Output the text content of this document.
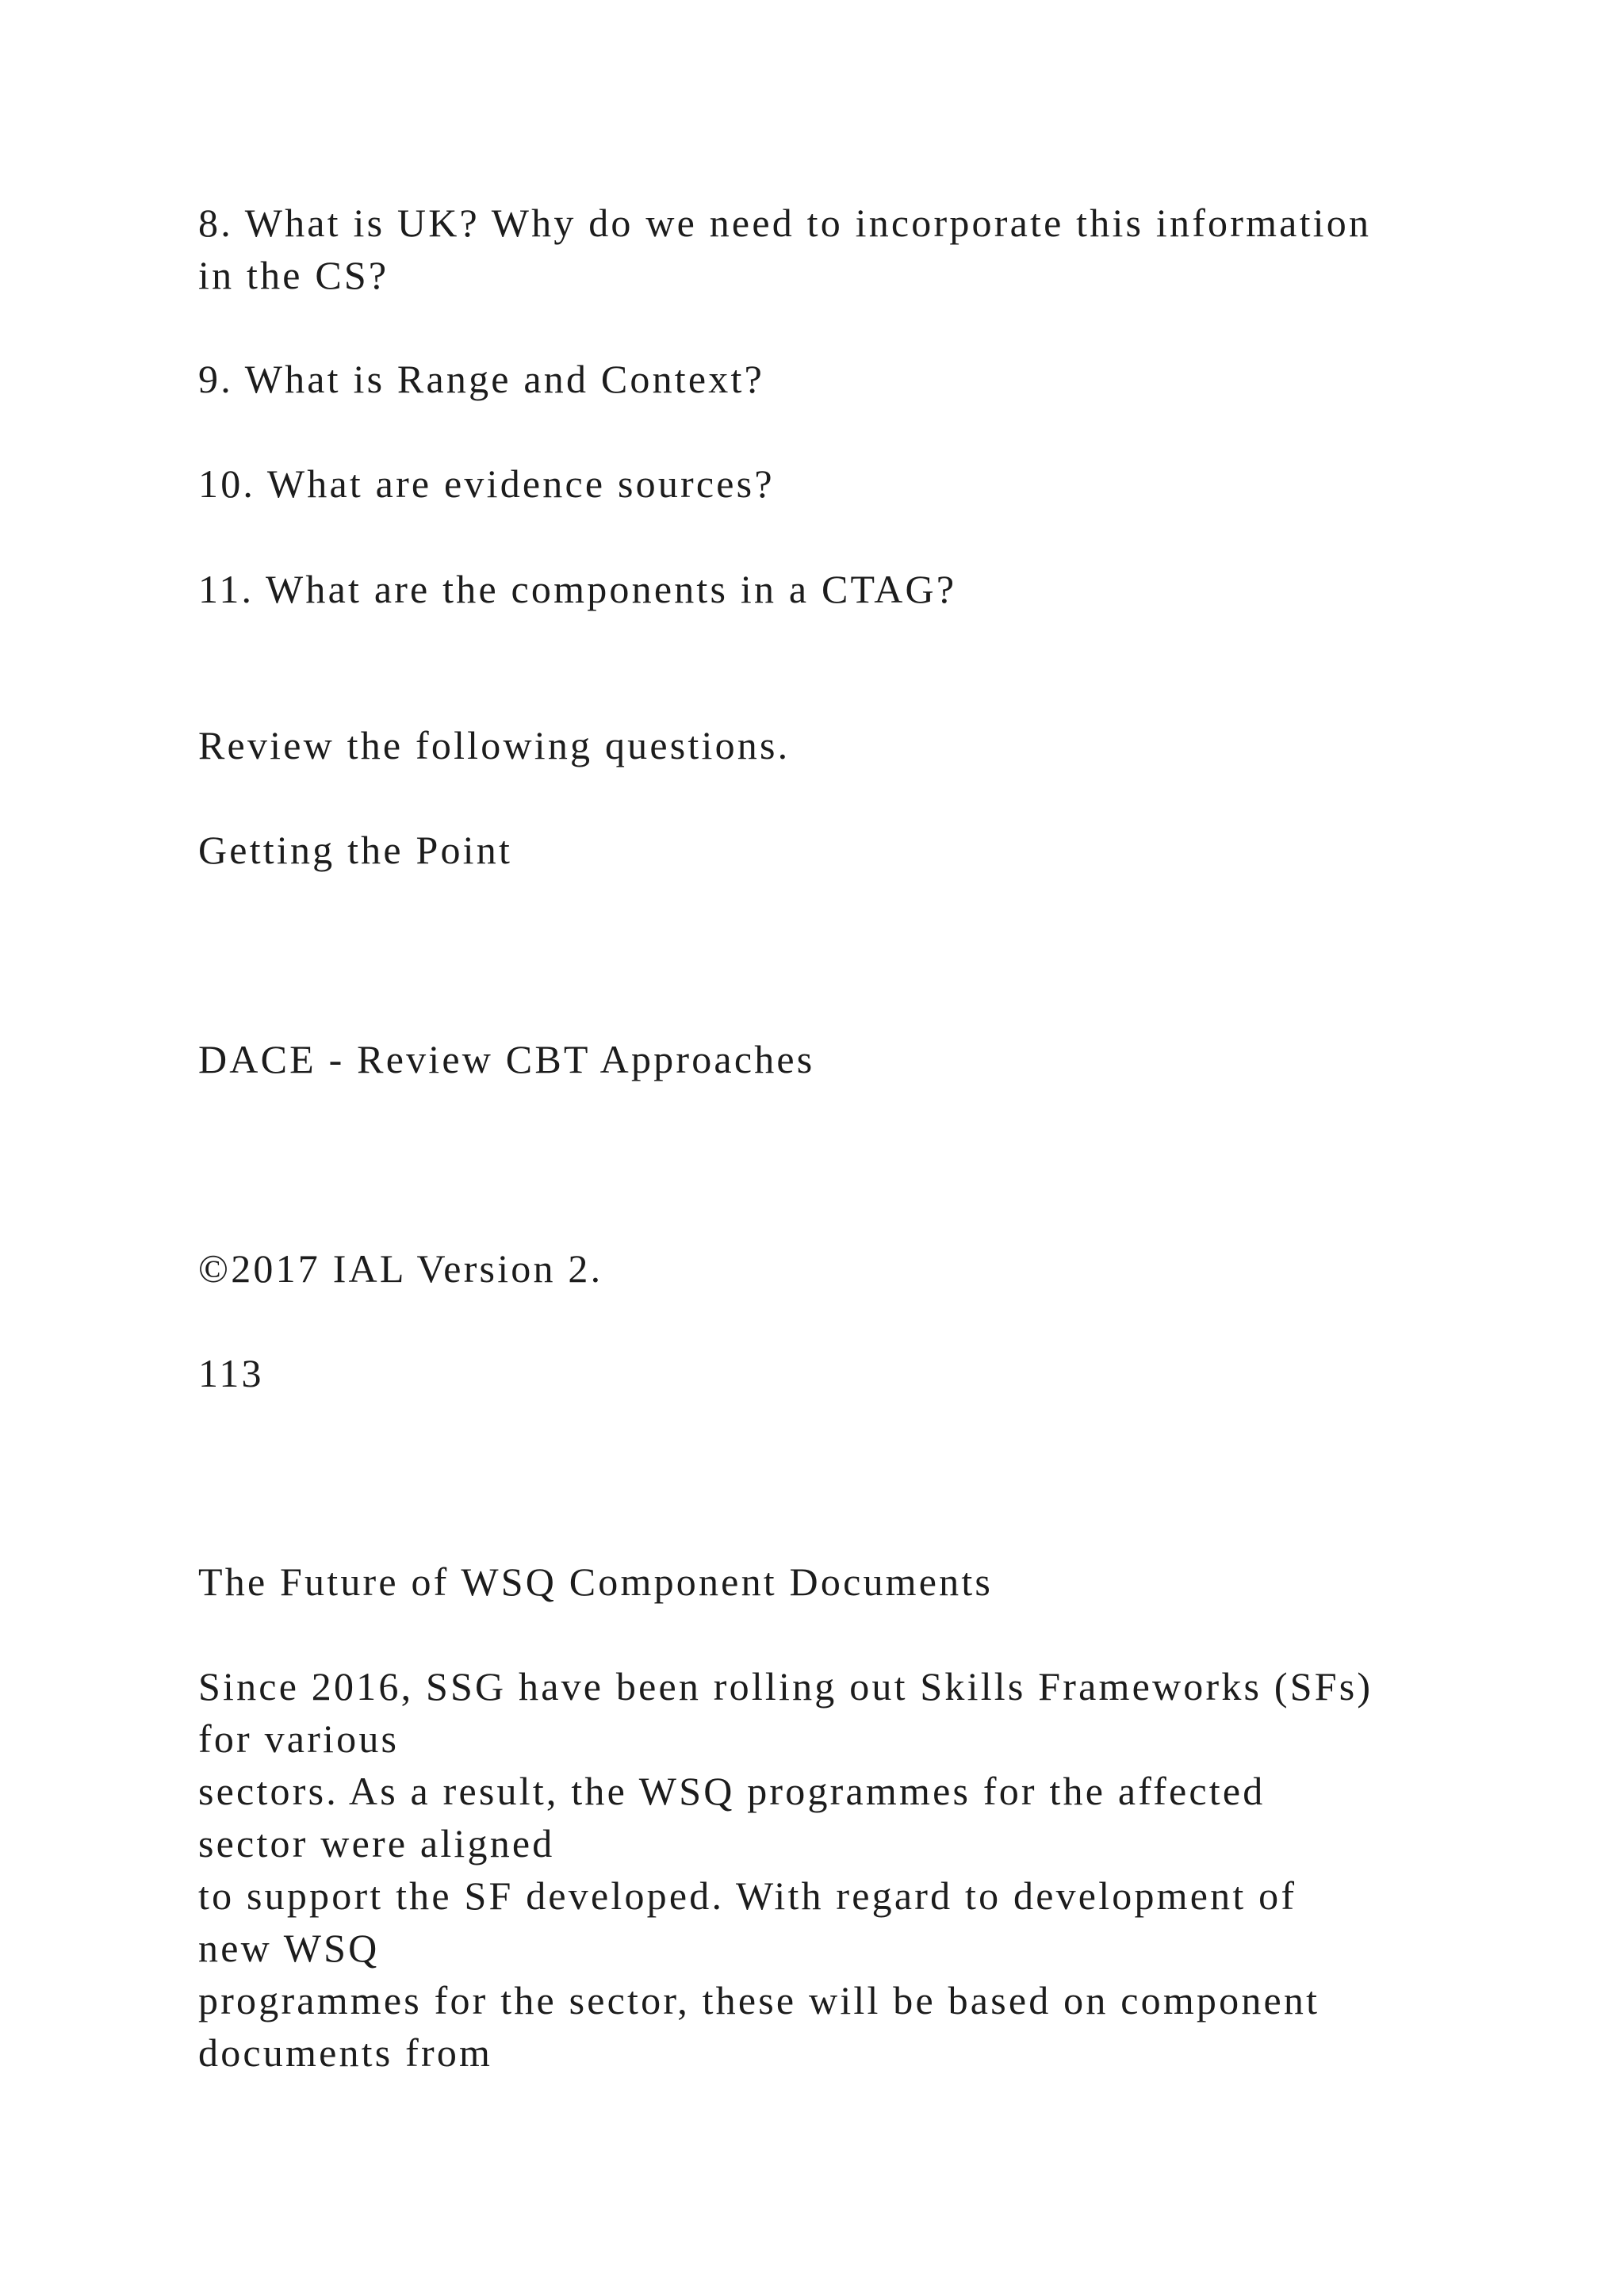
8. What is UK? Why do we need to incorporate this information
in the CS?
9. What is Range and Context?
10. What are evidence sources?
11. What are the components in a CTAG?
Review the following questions.
Getting the Point
DACE - Review CBT Approaches
©2017 IAL Version 2.
113
The Future of WSQ Component Documents
Since 2016, SSG have been rolling out Skills Frameworks (SFs)
for various
sectors. As a result, the WSQ programmes for the affected
sector were aligned
to support the SF developed. With regard to development of
new WSQ
programmes for the sector, these will be based on component
documents from
